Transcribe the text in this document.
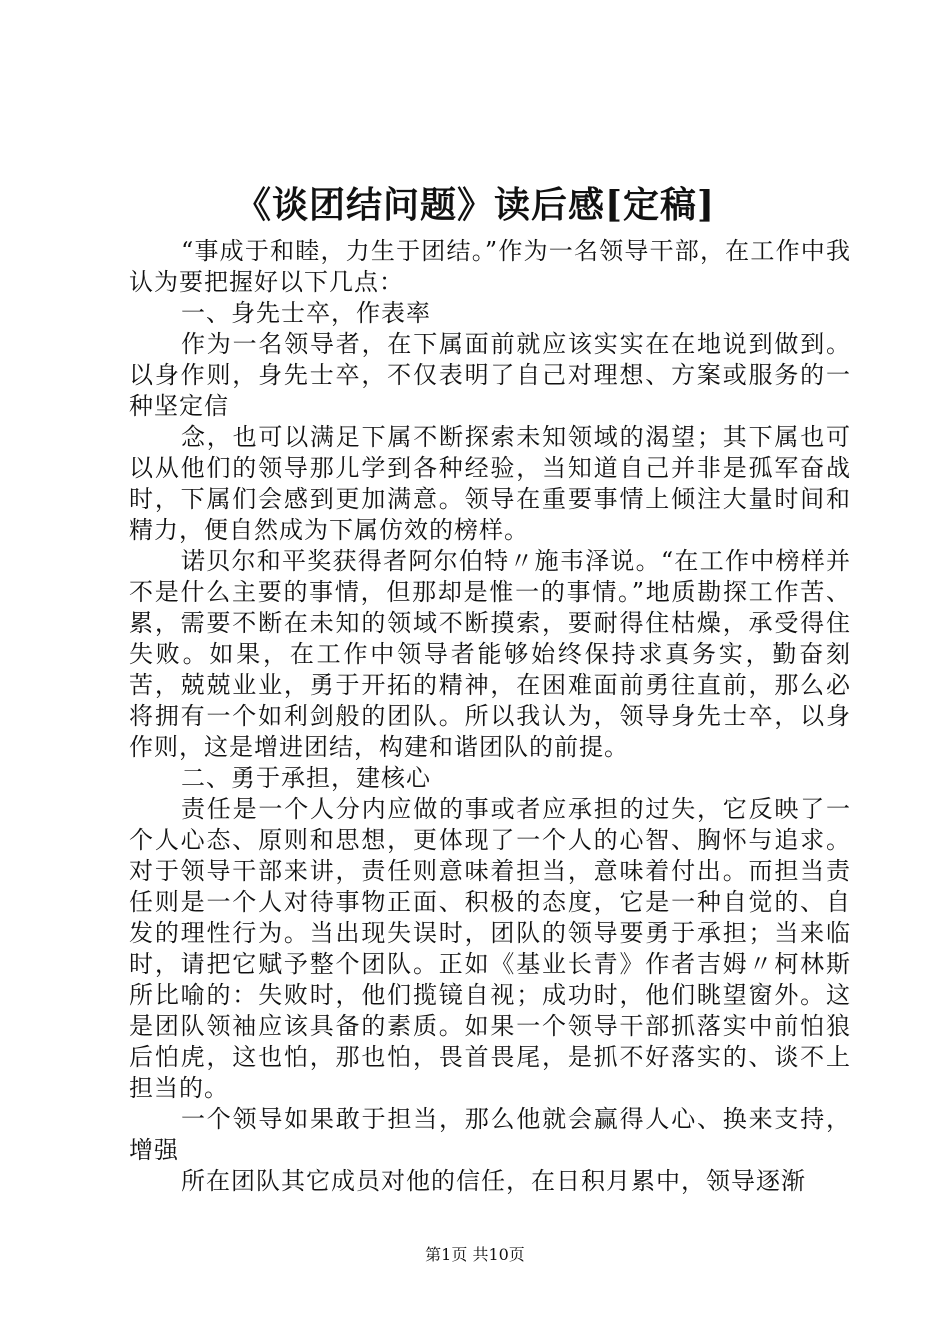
《谈团结问题》读后感[定稿]

“事成于和睦，力生于团结。”作为一名领导干部，在工作中我认为要把握好以下几点：

一、身先士卒，作表率

作为一名领导者，在下属面前就应该实实在在地说到做到。以身作则，身先士卒，不仅表明了自己对理想、方案或服务的一种坚定信

念，也可以满足下属不断探索未知领域的渴望；其下属也可以从他们的领导那儿学到各种经验，当知道自己并非是孤军奋战时，下属们会感到更加满意。领导在重要事情上倾注大量时间和精力，便自然成为下属仿效的榜样。

诺贝尔和平奖获得者阿尔伯特〃施韦泽说。“在工作中榜样并不是什么主要的事情，但那却是惟一的事情。”地质勘探工作苦、累，需要不断在未知的领域不断摸索，要耐得住枯燥，承受得住失败。如果，在工作中领导者能够始终保持求真务实，勤奋刻苦，兢兢业业，勇于开拓的精神，在困难面前勇往直前，那么必将拥有一个如利剑般的团队。所以我认为，领导身先士卒，以身作则，这是增进团结，构建和谐团队的前提。

二、勇于承担，建核心

责任是一个人分内应做的事或者应承担的过失，它反映了一个人心态、原则和思想，更体现了一个人的心智、胸怀与追求。对于领导干部来讲，责任则意味着担当，意味着付出。而担当责任则是一个人对待事物正面、积极的态度，它是一种自觉的、自发的理性行为。当出现失误时，团队的领导要勇于承担；当来临时，请把它赋予整个团队。正如《基业长青》作者吉姆〃柯林斯所比喻的：失败时，他们揽镜自视；成功时，他们眺望窗外。这是团队领袖应该具备的素质。如果一个领导干部抓落实中前怕狼后怕虎，这也怕，那也怕，畏首畏尾，是抓不好落实的、谈不上担当的。

一个领导如果敢于担当，那么他就会赢得人心、换来支持，增强

所在团队其它成员对他的信任，在日积月累中，领导逐渐

第1页 共10页
